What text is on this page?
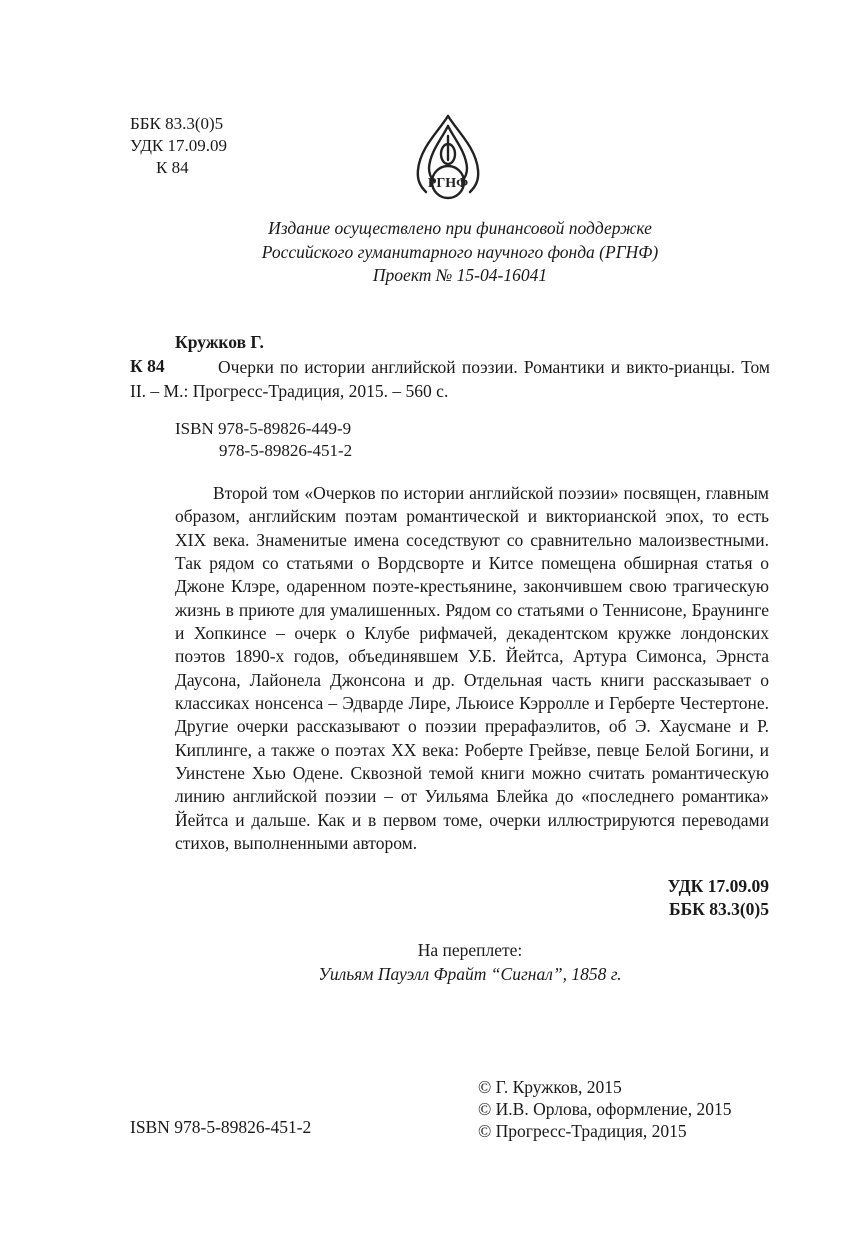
ББК 83.3(0)5
УДК 17.09.09
К 84
РГНФ
Издание осуществлено при финансовой поддержке
Российского гуманитарного научного фонда (РГНФ)
Проект № 15-04-16041
Кружков Г.
К 84	Очерки по истории английской поэзии. Романтики и викто-рианцы. Том II. – М.: Прогресс-Традиция, 2015. – 560 с.
ISBN 978-5-89826-449-9
978-5-89826-451-2

Второй том «Очерков по истории английской поэзии» посвящен, главным образом, английским поэтам романтической и викторианской эпох, то есть XIX века. Знаменитые имена соседствуют со сравнительно малоизвестными. Так рядом со статьями о Вордсворте и Китсе помещена обширная статья о Джоне Клэре, одаренном поэте-крестьянине, закончившем свою трагическую жизнь в приюте для умалишенных. Рядом со статьями о Теннисоне, Браунинге и Хопкинсе – очерк о Клубе рифмачей, декадентском кружке лондонских поэтов 1890-х годов, объединявшем У.Б. Йейтса, Артура Симонса, Эрнста Даусона, Лайонела Джонсона и др. Отдельная часть книги рассказывает о классиках нонсенса – Эдварде Лире, Льюисе Кэрролле и Герберте Честертоне. Другие очерки рассказывают о поэзии прерафаэлитов, об Э. Хаусмане и Р. Киплинге, а также о поэтах XX века: Роберте Грейвзе, певце Белой Богини, и Уинстене Хью Одене. Сквозной темой книги можно считать романтическую линию английской поэзии – от Уильяма Блейка до «последнего романтика» Йейтса и дальше. Как и в первом томе, очерки иллюстрируются переводами стихов, выполненными автором.

УДК 17.09.09
ББК 83.3(0)5
На переплете:
Уильям Пауэлл Фрайт “Сигнал”, 1858 г.
© Г. Кружков, 2015
© И.В. Орлова, оформление, 2015
© Прогресс-Традиция, 2015
ISBN 978-5-89826-451-2
